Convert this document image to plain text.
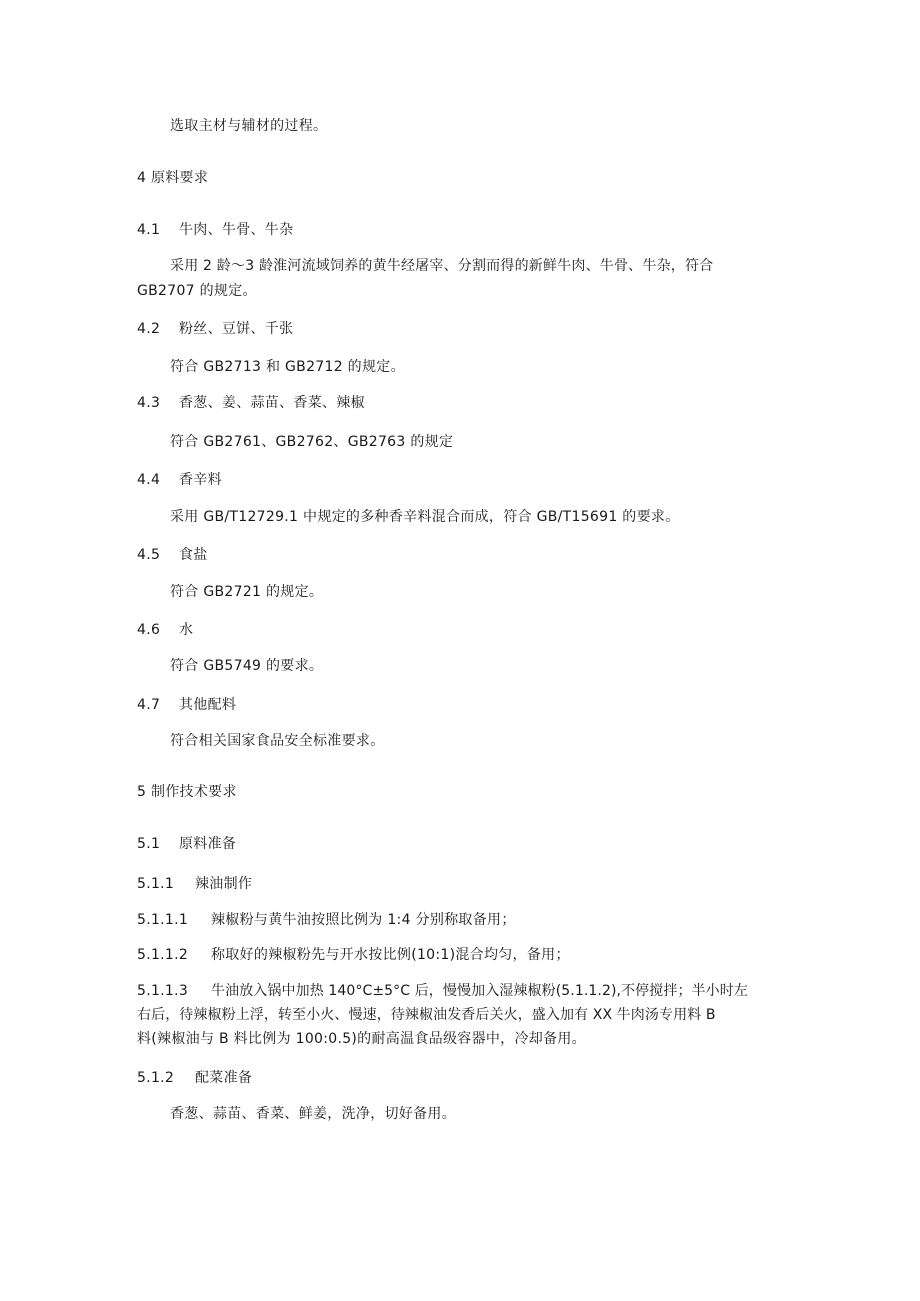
选取主材与辅材的过程。
4 原料要求
4.1 牛肉、牛骨、牛杂
采用 2 龄～3 龄淮河流域饲养的黄牛经屠宰、分割而得的新鲜牛肉、牛骨、牛杂，符合
GB2707 的规定。
4.2 粉丝、豆饼、千张
符合 GB2713 和 GB2712 的规定。
4.3 香葱、姜、蒜苗、香菜、辣椒
符合 GB2761、GB2762、GB2763 的规定
4.4 香辛料
采用 GB/T12729.1 中规定的多种香辛料混合而成，符合 GB/T15691 的要求。
4.5 食盐
符合 GB2721 的规定。
4.6 水
符合 GB5749 的要求。
4.7 其他配料
符合相关国家食品安全标准要求。
5 制作技术要求
5.1 原料准备
5.1.1 辣油制作
5.1.1.1 辣椒粉与黄牛油按照比例为 1:4 分别称取备用；
5.1.1.2 称取好的辣椒粉先与开水按比例(10:1)混合均匀，备用；
5.1.1.3 牛油放入锅中加热 140°C±5°C 后，慢慢加入湿辣椒粉(5.1.1.2),不停搅拌；半小时左
右后，待辣椒粉上浮，转至小火、慢速，待辣椒油发香后关火，盛入加有 XX 牛肉汤专用料 B
料(辣椒油与 B 料比例为 100:0.5)的耐高温食品级容器中，冷却备用。
5.1.2 配菜准备
香葱、蒜苗、香菜、鲜姜，洗净，切好备用。
